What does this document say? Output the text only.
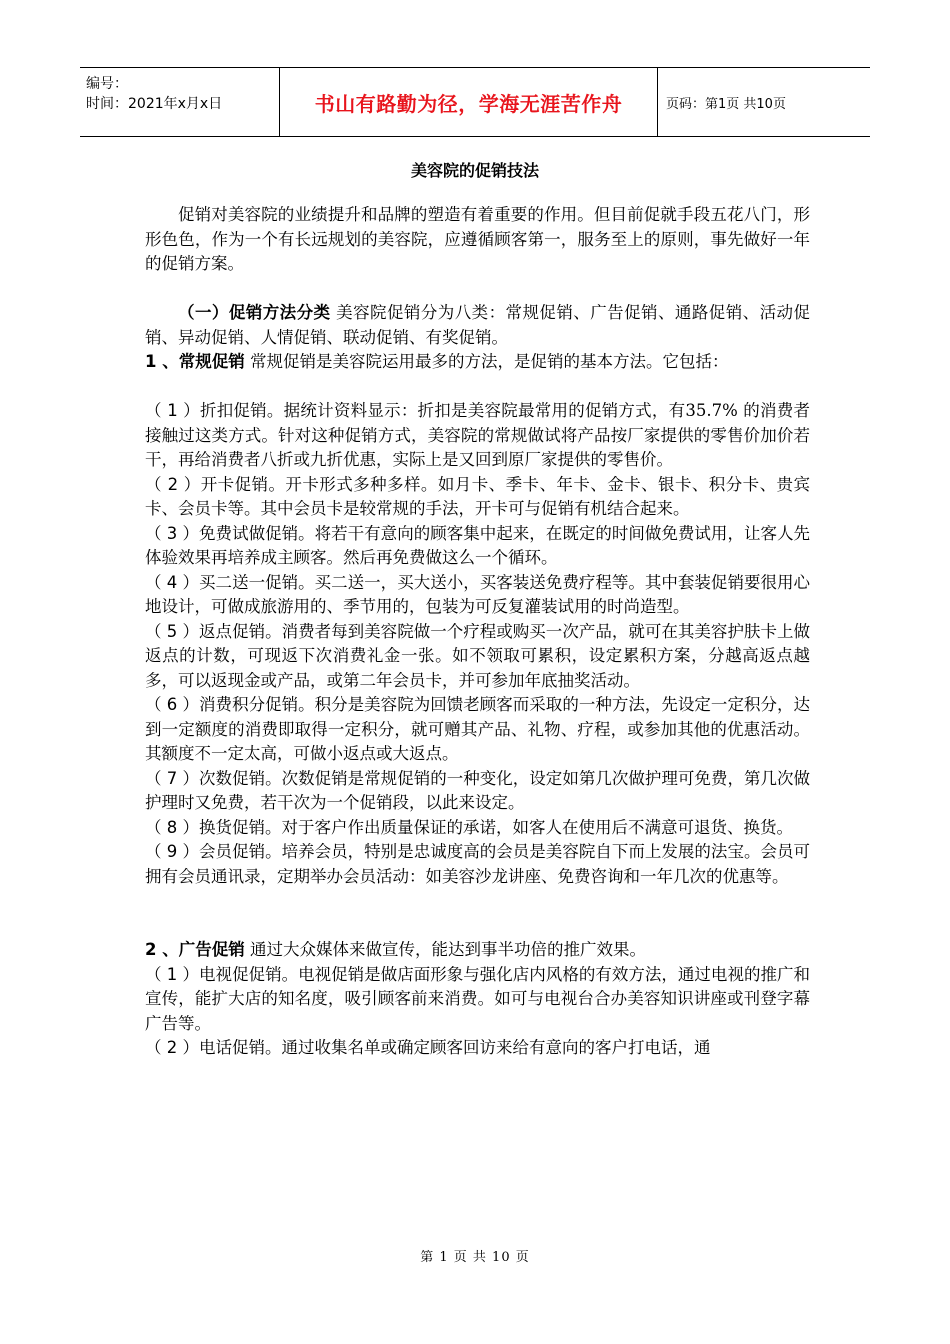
编号：
时间：2021年x月x日	书山有路勤为径，学海无涯苦作舟	页码：第1页 共10页
美容院的促销技法

促销对美容院的业绩提升和品牌的塑造有着重要的作用。但目前促就手段五花八门，形形色色，作为一个有长远规划的美容院，应遵循顾客第一，服务至上的原则，事先做好一年的促销方案。

（一）促销方法分类 美容院促销分为八类：常规促销、广告促销、通路促销、活动促销、异动促销、人情促销、联动促销、有奖促销。

1 、常规促销 常规促销是美容院运用最多的方法，是促销的基本方法。它包括：

（ 1 ）折扣促销。据统计资料显示：折扣是美容院最常用的促销方式，有35.7% 的消费者接触过这类方式。针对这种促销方式，美容院的常规做试将产品按厂家提供的零售价加价若干，再给消费者八折或九折优惠，实际上是又回到原厂家提供的零售价。

（ 2 ）开卡促销。开卡形式多种多样。如月卡、季卡、年卡、金卡、银卡、积分卡、贵宾卡、会员卡等。其中会员卡是较常规的手法，开卡可与促销有机结合起来。

（ 3 ）免费试做促销。将若干有意向的顾客集中起来，在既定的时间做免费试用，让客人先体验效果再培养成主顾客。然后再免费做这么一个循环。

（ 4 ）买二送一促销。买二送一，买大送小，买客装送免费疗程等。其中套装促销要很用心地设计，可做成旅游用的、季节用的，包装为可反复灌装试用的时尚造型。

（ 5 ）返点促销。消费者每到美容院做一个疗程或购买一次产品，就可在其美容护肤卡上做返点的计数，可现返下次消费礼金一张。如不领取可累积，设定累积方案，分越高返点越多，可以返现金或产品，或第二年会员卡，并可参加年底抽奖活动。

（ 6 ）消费积分促销。积分是美容院为回馈老顾客而采取的一种方法，先设定一定积分，达到一定额度的消费即取得一定积分，就可赠其产品、礼物、疗程，或参加其他的优惠活动。其额度不一定太高，可做小返点或大返点。

（ 7 ）次数促销。次数促销是常规促销的一种变化，设定如第几次做护理可免费，第几次做护理时又免费，若干次为一个促销段，以此来设定。

（ 8 ）换货促销。对于客户作出质量保证的承诺，如客人在使用后不满意可退货、换货。

（ 9 ）会员促销。培养会员，特别是忠诚度高的会员是美容院自下而上发展的法宝。会员可拥有会员通讯录，定期举办会员活动：如美容沙龙讲座、免费咨询和一年几次的优惠等。

2 、广告促销 通过大众媒体来做宣传，能达到事半功倍的推广效果。

（ 1 ）电视促促销。电视促销是做店面形象与强化店内风格的有效方法，通过电视的推广和宣传，能扩大店的知名度，吸引顾客前来消费。如可与电视台合办美容知识讲座或刊登字幕广告等。

（ 2 ）电话促销。通过收集名单或确定顾客回访来给有意向的客户打电话，通

第 1 页 共 10 页
